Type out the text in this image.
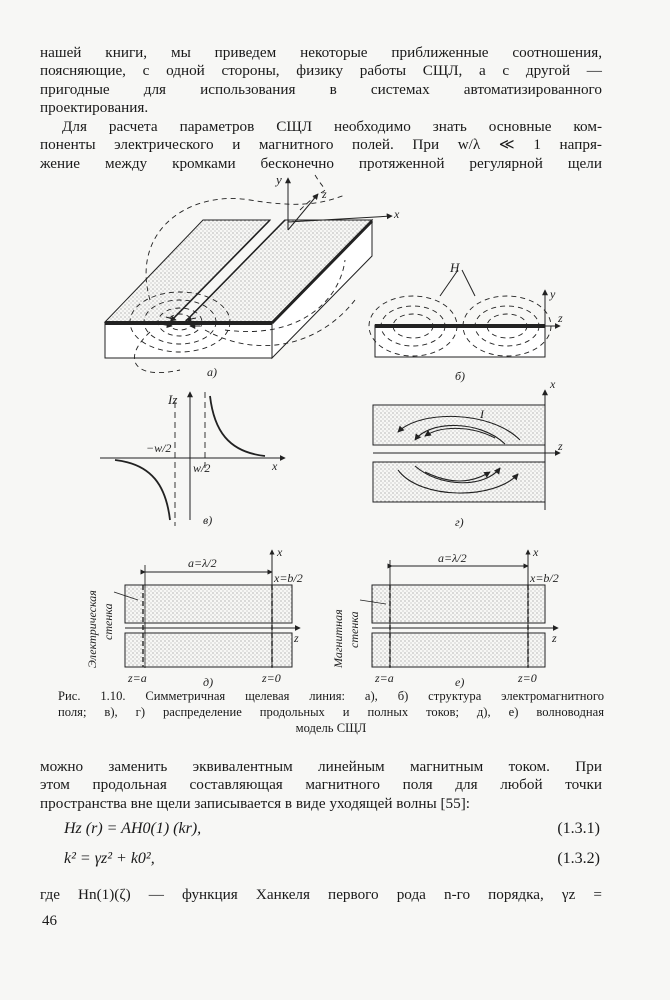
нашей книги, мы приведем некоторые приближенные соотношения,
поясняющие, с одной стороны, физику работы СЩЛ, а с другой —
пригодные для использования в системах автоматизированного
проектирования.

Для расчета параметров СЩЛ необходимо знать основные ком-
поненты электрического и магнитного полей. При w/λ ≪ 1 напря-
жение между кромками бесконечно протяженной регулярной щели

y
z
x
а)
H
y
z
б)
Iz
−w/2
w/2	x
в)
I
x
z
г)
a=λ/2
x
x=b/2
z
z=a	z=0
Электрическая стенка
д)
a=λ/2	x
x=b/2
z
z=a	z=0
Магнитная стенка
е)

Рис. 1.10. Симметричная щелевая линия: а), б) структура электромагнитного
поля; в), г) распределение продольных и полных токов; д), е) волноводная
модель СЩЛ

можно заменить эквивалентным линейным магнитным током. При
этом продольная составляющая магнитного поля для любой точки
пространства вне щели записывается в виде уходящей волны [55]:

Hz (r) = AH0(1) (kr),	(1.3.1)
k² = γz² + k0²,	(1.3.2)

где Hn(1)(ζ) — функция Ханкеля первого рода n-го порядка, γz =

46
